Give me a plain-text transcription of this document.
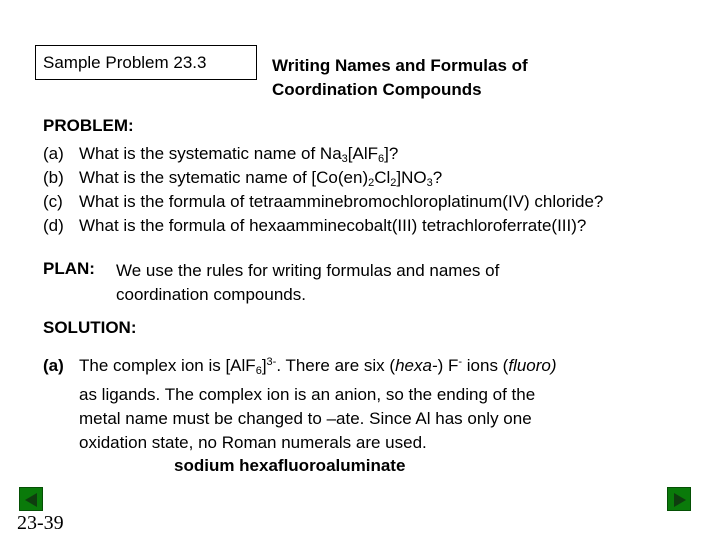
Sample Problem 23.3	Writing Names and Formulas of
Coordination Compounds
PROBLEM:
(a) What is the systematic name of $Na_3[AlF_6]$?
(b) What is the sytematic name of $[Co(en)_2Cl_2]NO_3$?
(c) What is the formula of tetraamminebromochloroplatinum(IV) chloride?
(d) What is the formula of hexaamminecobalt(III) tetrachloroferrate(III)?
PLAN: We use the rules for writing formulas and names of
coordination compounds.
SOLUTION:
(a) The complex ion is $[AlF_6]^{3-}$. There are six (hexa-) F- ions (fluoro)
as ligands. The complex ion is an anion, so the ending of the
metal name must be changed to –ate. Since Al has only one
oxidation state, no Roman numerals are used.
sodium hexafluoroaluminate
23-39
